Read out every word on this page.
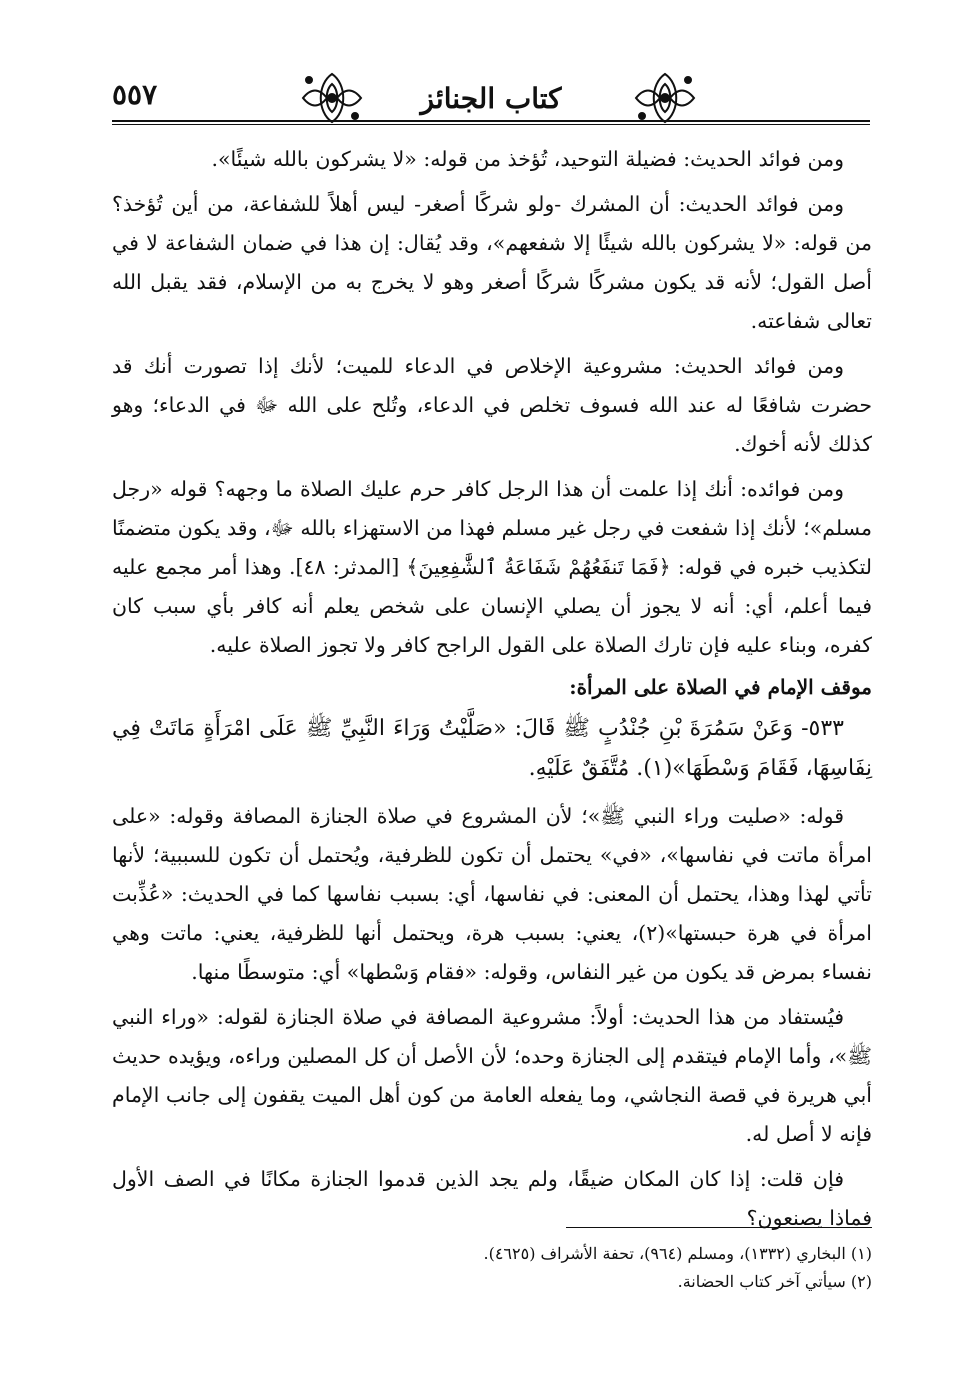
٥٥٧	كتاب الجنائز

ومن فوائد الحديث: فضيلة التوحيد، تُؤخذ من قوله: «لا يشركون بالله شيئًا».

ومن فوائد الحديث: أن المشرك -ولو شركًا أصغر- ليس أهلاً للشفاعة، من أين تُؤخذ؟ من قوله: «لا يشركون بالله شيئًا إلا شفعهم»، وقد يُقال: إن هذا في ضمان الشفاعة لا في أصل القول؛ لأنه قد يكون مشركًا شركًا أصغر وهو لا يخرج به من الإسلام، فقد يقبل الله تعالى شفاعته.

ومن فوائد الحديث: مشروعية الإخلاص في الدعاء للميت؛ لأنك إذا تصورت أنك قد حضرت شافعًا له عند الله فسوف تخلص في الدعاء، وتُلح على الله ﷻ في الدعاء؛ وهو كذلك لأنه أخوك.

ومن فوائده: أنك إذا علمت أن هذا الرجل كافر حرم عليك الصلاة ما وجهه؟ قوله «رجل مسلم»؛ لأنك إذا شفعت في رجل غير مسلم فهذا من الاستهزاء بالله ﷻ، وقد يكون متضمنًا لتكذيب خبره في قوله: ﴿فَمَا تَنفَعُهُمْ شَفَاعَةُ ٱلشَّٰفِعِينَ﴾ [المدثر: ٤٨]. وهذا أمر مجمع عليه فيما أعلم، أي: أنه لا يجوز أن يصلي الإنسان على شخص يعلم أنه كافر بأي سبب كان كفره، وبناء عليه فإن تارك الصلاة على القول الراجح كافر ولا تجوز الصلاة عليه.

موقف الإمام في الصلاة على المرأة:

٥٣٣- وَعَنْ سَمُرَةَ بْنِ جُنْدُبٍ ﷺ قَالَ: «صَلَّيْتُ وَرَاءَ النَّبِيِّ ﷺ عَلَى امْرَأَةٍ مَاتَتْ فِي نِفَاسِهَا، فَقَامَ وَسْطَهَا»(١). مُتَّفَقٌ عَلَيْهِ.

قوله: «صليت وراء النبي ﷺ»؛ لأن المشروع في صلاة الجنازة المصافة وقوله: «على امرأة ماتت في نفاسها»، «في» يحتمل أن تكون للظرفية، ويُحتمل أن تكون للسببية؛ لأنها تأتي لهذا وهذا، يحتمل أن المعنى: في نفاسها، أي: بسبب نفاسها كما في الحديث: «عُذِّبت امرأة في هرة حبستها»(٢)، يعني: بسبب هرة، ويحتمل أنها للظرفية، يعني: ماتت وهي نفساء بمرض قد يكون من غير النفاس، وقوله: «فقام وَسْطها» أي: متوسطًا منها.

فيُستفاد من هذا الحديث: أولاً: مشروعية المصافة في صلاة الجنازة لقوله: «وراء النبي ﷺ»، وأما الإمام فيتقدم إلى الجنازة وحده؛ لأن الأصل أن كل المصلين وراءه، ويؤيده حديث أبي هريرة في قصة النجاشي، وما يفعله العامة من كون أهل الميت يقفون إلى جانب الإمام فإنه لا أصل له.

فإن قلت: إذا كان المكان ضيقًا، ولم يجد الذين قدموا الجنازة مكانًا في الصف الأول فماذا يصنعون؟

(١) البخاري (١٣٣٢)، ومسلم (٩٦٤)، تحفة الأشراف (٤٦٢٥).
(٢) سيأتي آخر كتاب الحضانة.
